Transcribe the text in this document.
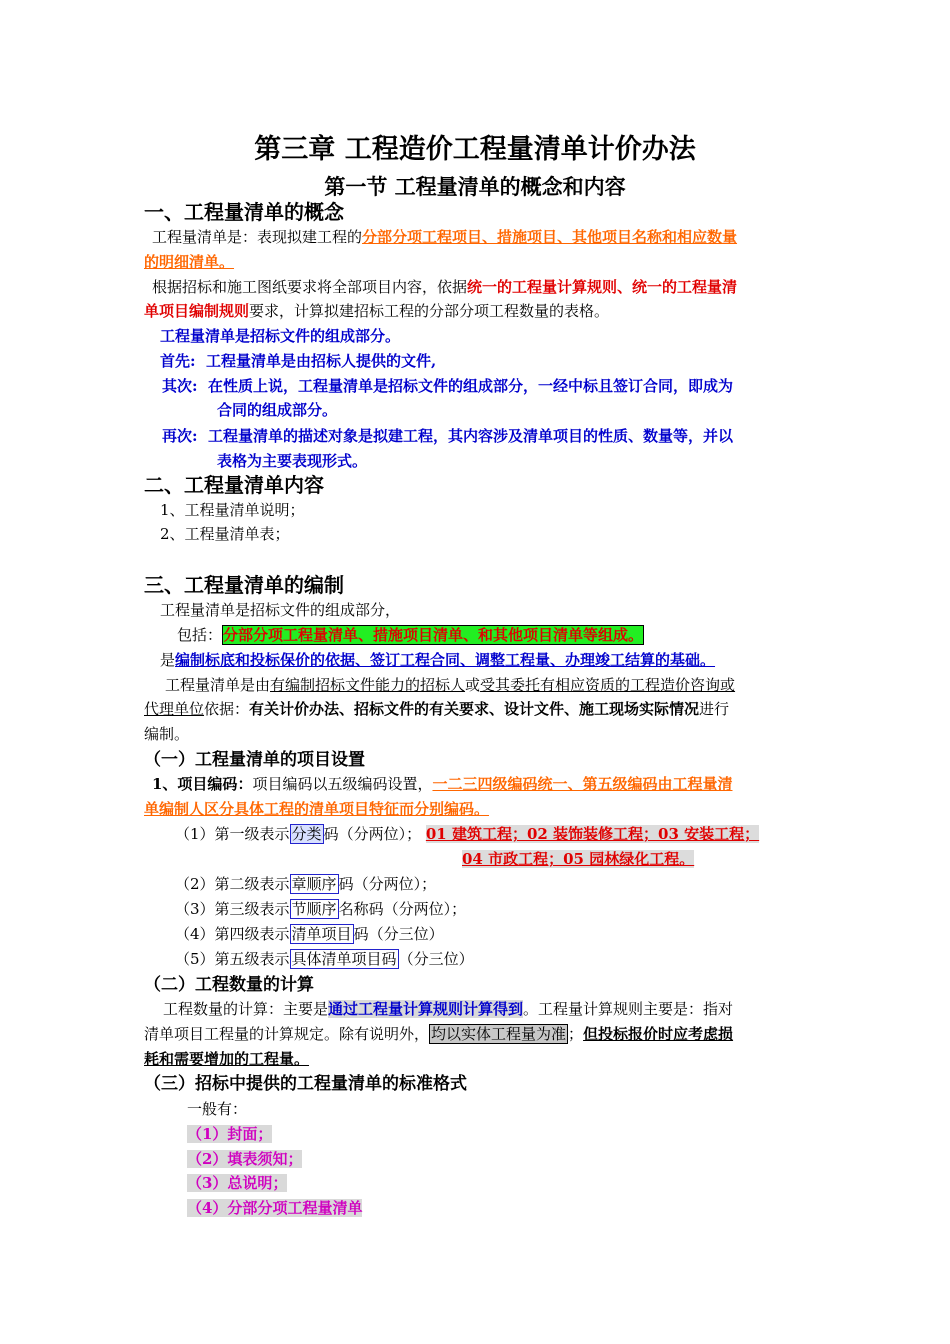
第三章 工程造价工程量清单计价办法
第一节 工程量清单的概念和内容
一、工程量清单的概念
工程量清单是：表现拟建工程的分部分项工程项目、措施项目、其他项目名称和相应数量
的明细清单。
根据招标和施工图纸要求将全部项目内容，依据统一的工程量计算规则、统一的工程量清
单项目编制规则要求，计算拟建招标工程的分部分项工程数量的表格。
工程量清单是招标文件的组成部分。
首先: 工程量清单是由招标人提供的文件,
其次: 在性质上说，工程量清单是招标文件的组成部分，一经中标且签订合同，即成为
合同的组成部分。
再次: 工程量清单的描述对象是拟建工程，其内容涉及清单项目的性质、数量等，并以
表格为主要表现形式。
二、工程量清单内容
1、工程量清单说明；
2、工程量清单表；
三、工程量清单的编制
工程量清单是招标文件的组成部分，
包括：分部分项工程量清单、措施项目清单、和其他项目清单等组成。
是编制标底和投标保价的依据、签订工程合同、调整工程量、办理竣工结算的基础。
工程量清单是由有编制招标文件能力的招标人或受其委托有相应资质的工程造价咨询或
代理单位依据：有关计价办法、招标文件的有关要求、设计文件、施工现场实际情况进行
编制。
（一）工程量清单的项目设置
1、项目编码：项目编码以五级编码设置，一二三四级编码统一、第五级编码由工程量清
单编制人区分具体工程的清单项目特征而分别编码。
（1）第一级表示 分类 码（分两位）； 01 建筑工程；02 装饰装修工程；03 安装工程；
04 市政工程；05 园林绿化工程。
（2）第二级表示 章顺序 码（分两位）；
（3）第三级表示 节顺序 名称码（分两位）；
（4）第四级表示 清单项目 码（分三位）
（5）第五级表示 具体清单项目码 （分三位）
（二）工程数量的计算
工程数量的计算：主要是通过工程量计算规则计算得到。工程量计算规则主要是：指对
清单项目工程量的计算规定。除有说明外， 均以实体工程量为准 ；但投标报价时应考虑损
耗和需要增加的工程量。
（三）招标中提供的工程量清单的标准格式
一般有：
（1）封面；
（2）填表须知；
（3）总说明；
（4）分部分项工程量清单
